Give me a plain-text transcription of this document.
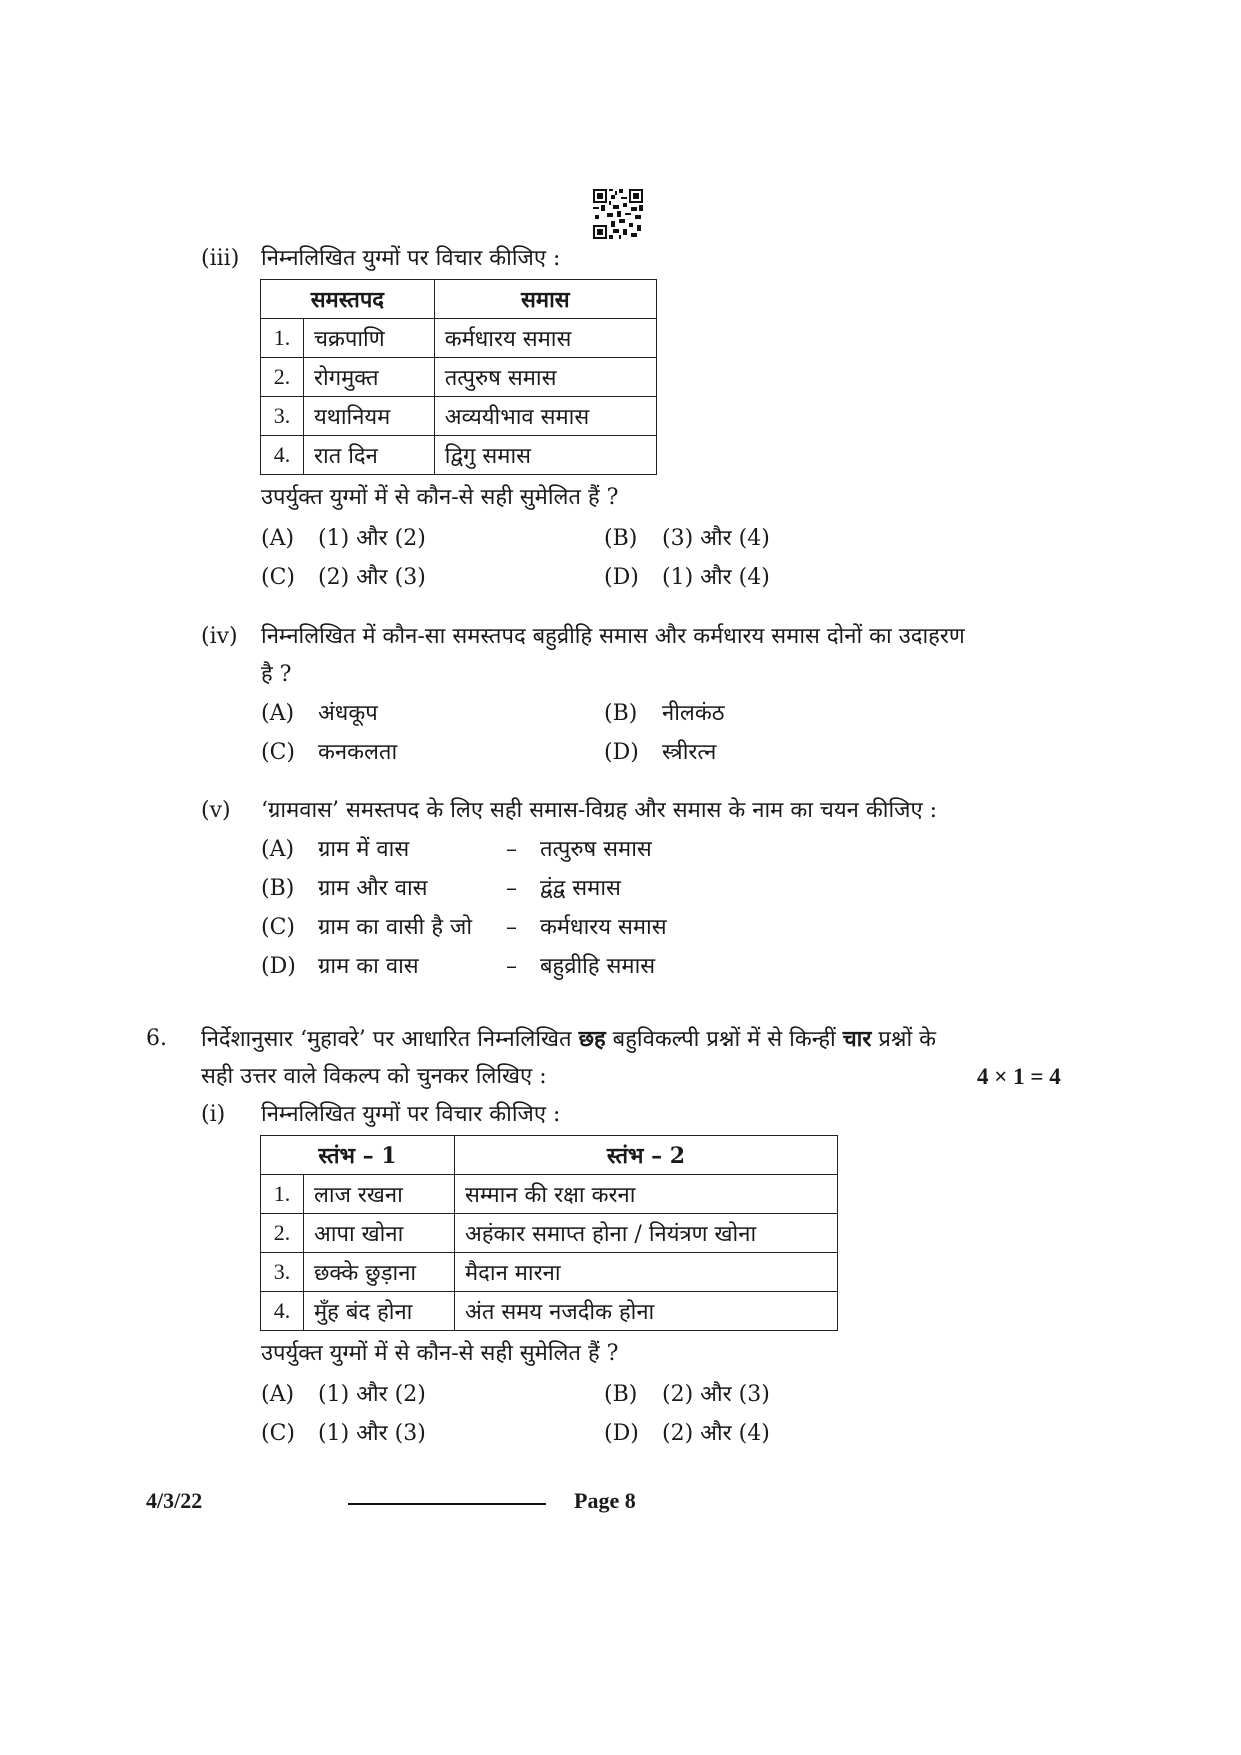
(iii) निम्नलिखित युग्मों पर विचार कीजिए :
समस्तपद		समास
1.	चक्रपाणि	कर्मधारय समास
2.	रोगमुक्त	तत्पुरुष समास
3.	यथानियम	अव्ययीभाव समास
4.	रात दिन	द्विगु समास
उपर्युक्त युग्मों में से कौन-से सही सुमेलित हैं ?
(A) (1) और (2)	(B) (3) और (4)
(C) (2) और (3)	(D) (1) और (4)
(iv) निम्नलिखित में कौन-सा समस्तपद बहुव्रीहि समास और कर्मधारय समास दोनों का उदाहरण
है ?
(A) अंधकूप	(B) नीलकंठ
(C) कनकलता	(D) स्त्रीरत्न
(v) ‘ग्रामवास’ समस्तपद के लिए सही समास-विग्रह और समास के नाम का चयन कीजिए :
(A) ग्राम में वास	– तत्पुरुष समास
(B) ग्राम और वास	– द्वंद्व समास
(C) ग्राम का वासी है जो – कर्मधारय समास
(D) ग्राम का वास	– बहुव्रीहि समास
6. निर्देशानुसार ‘मुहावरे’ पर आधारित निम्नलिखित छह बहुविकल्पी प्रश्नों में से किन्हीं चार प्रश्नों के
सही उत्तर वाले विकल्प को चुनकर लिखिए :	4 × 1 = 4
(i) निम्नलिखित युग्मों पर विचार कीजिए :
स्तंभ – 1		स्तंभ – 2
1.	लाज रखना	सम्मान की रक्षा करना
2.	आपा खोना	अहंकार समाप्त होना / नियंत्रण खोना
3.	छक्के छुड़ाना	मैदान मारना
4.	मुँह बंद होना	अंत समय नजदीक होना
उपर्युक्त युग्मों में से कौन-से सही सुमेलित हैं ?
(A) (1) और (2)	(B) (2) और (3)
(C) (1) और (3)	(D) (2) और (4)
4/3/22	Page 8
